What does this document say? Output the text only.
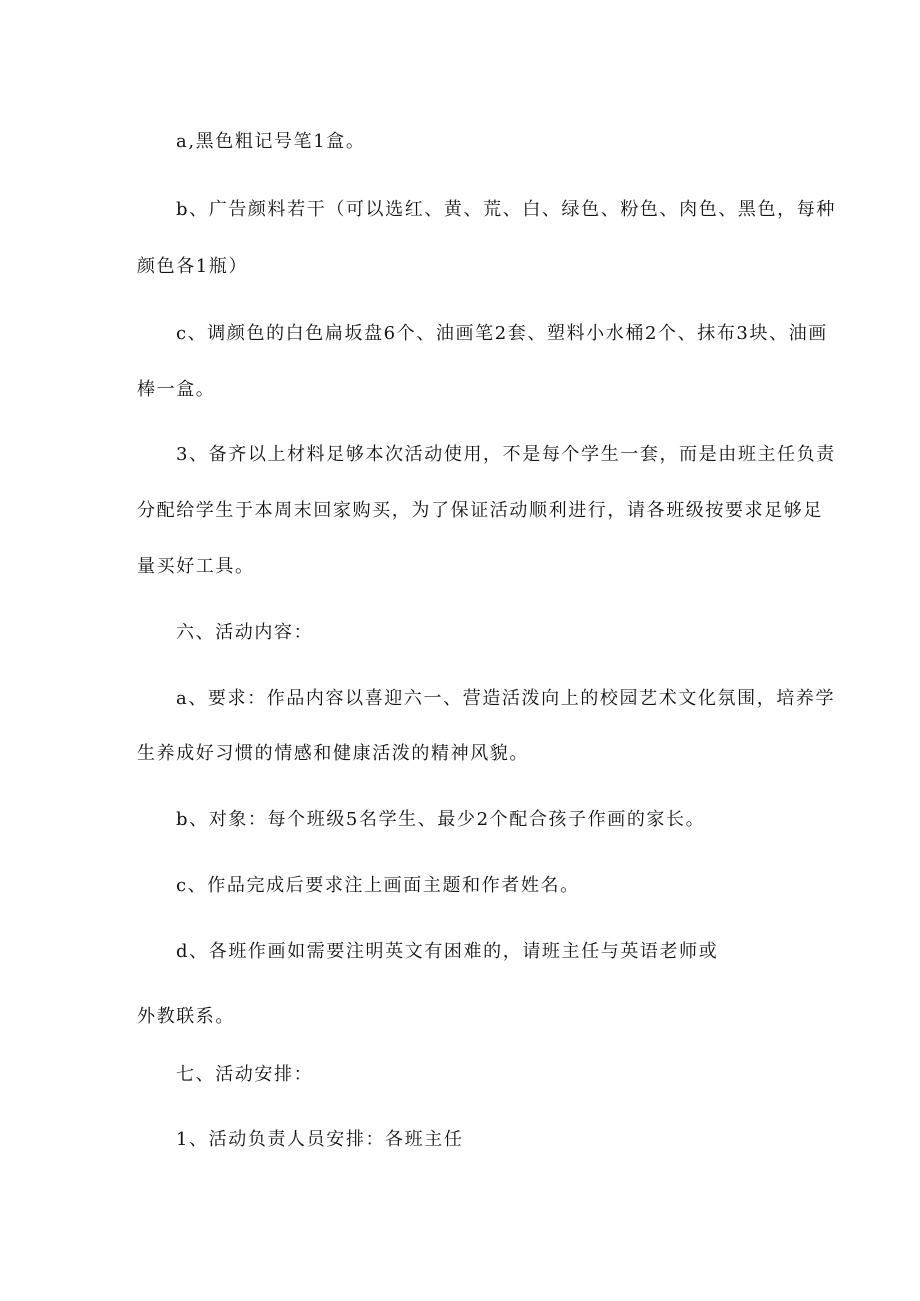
a,黑色粗记号笔1盒。

b、广告颜料若干（可以选红、黄、荒、白、绿色、粉色、肉色、黑色，每种

颜色各1瓶）

c、调颜色的白色扁坂盘6个、油画笔2套、塑料小水桶2个、抹布3块、油画

棒一盒。

3、备齐以上材料足够本次活动使用，不是每个学生一套，而是由班主任负责

分配给学生于本周末回家购买，为了保证活动顺利进行，请各班级按要求足够足

量买好工具。

六、活动内容：

a、要求：作品内容以喜迎六一、营造活泼向上的校园艺术文化氛围，培养学

生养成好习惯的情感和健康活泼的精神风貌。

b、对象：每个班级5名学生、最少2个配合孩子作画的家长。

c、作品完成后要求注上画面主题和作者姓名。

d、各班作画如需要注明英文有困难的，请班主任与英语老师或

外教联系。

七、活动安排：

1、活动负责人员安排：各班主任
